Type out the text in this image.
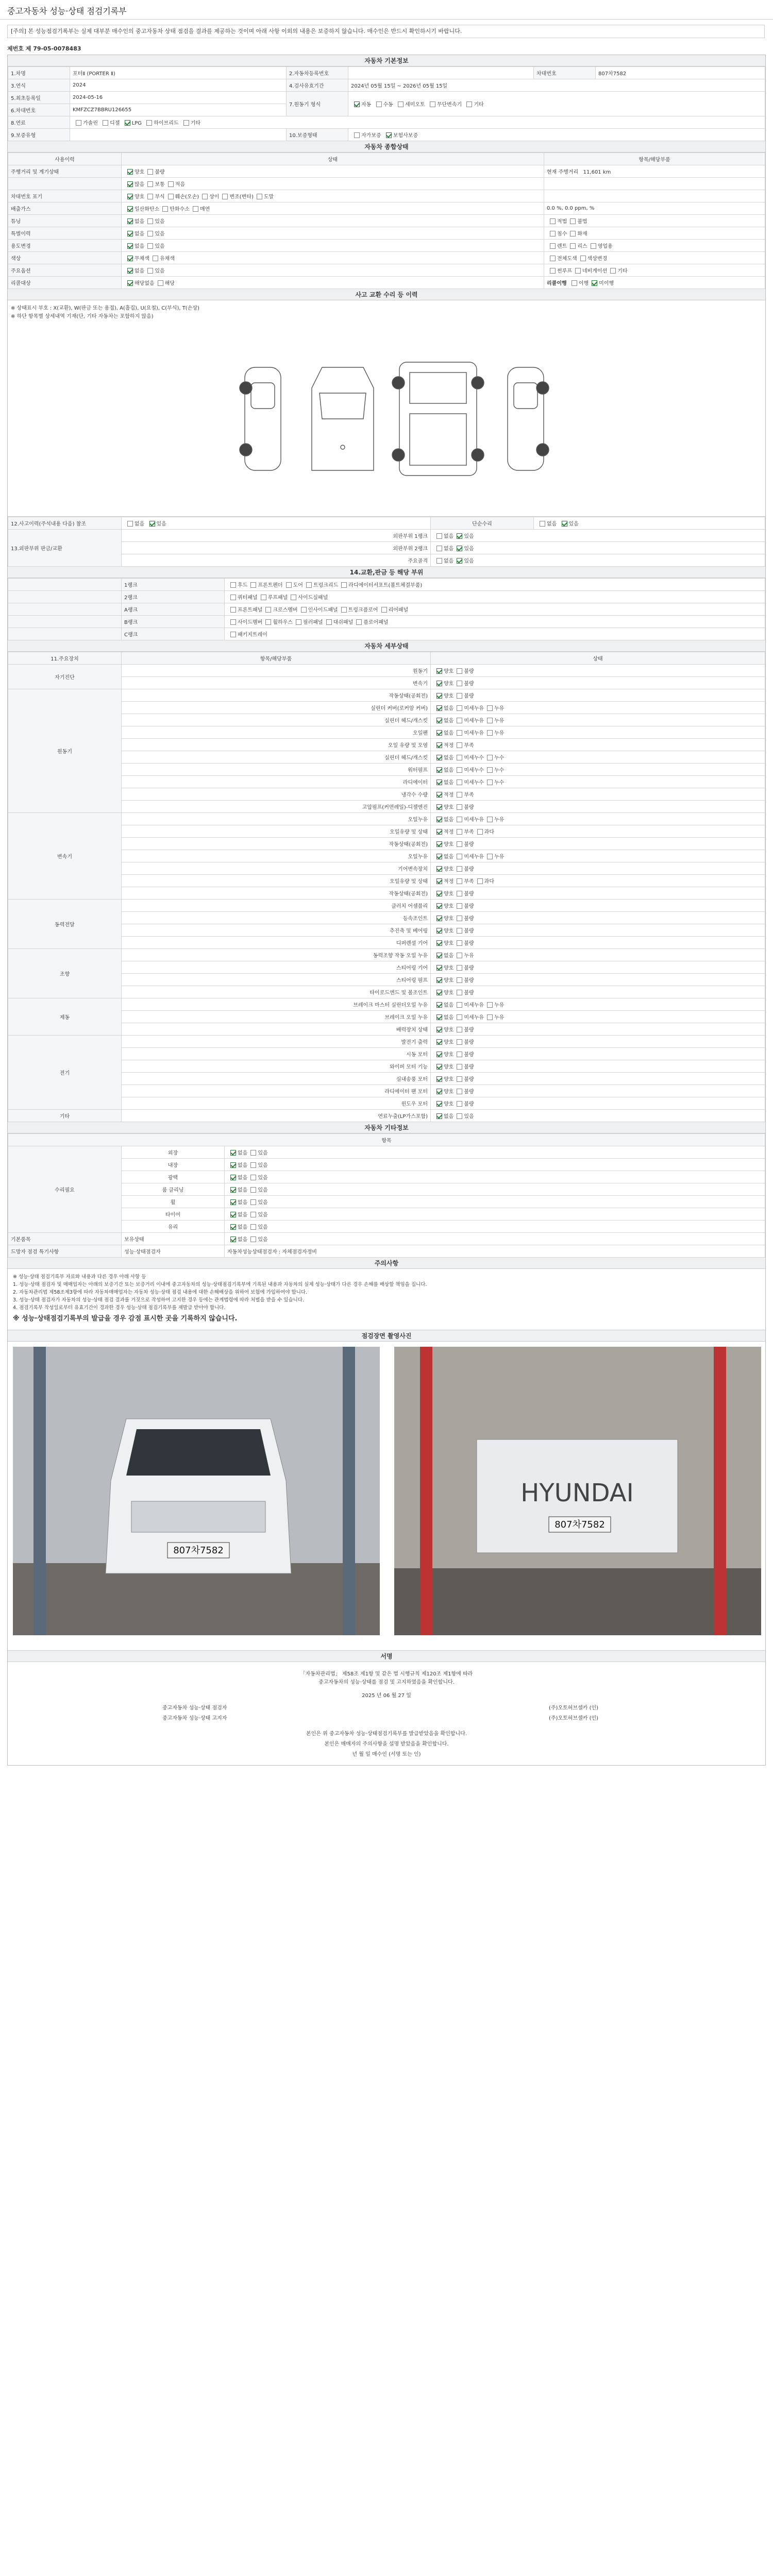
중고자동차 성능·상태 점검기록부
[주의] 본 성능점검기록부는 실제 대부분 매수인의 중고자동차 상태 점검을 결과를 제공하는 것이며 아래 사항 이외의 내용은 보증하지 않습니다. 매수인은 반드시 확인하시기 바랍니다.
제번호 제 79-05-0078483
자동차 기본정보
1.차명	포터Ⅱ (PORTER Ⅱ)	2.자동차등록번호		차대번호	807차7582
3.연식	2024	4.검사유효기간	2024년 05월 15일 ~ 2026년 05월 15일		
5.최초등록일	2024-05-16	7.원동기 형식	자동 수동 세미오토 무단변속기 기타		
6.차대번호	KMFZCZ7BBRU126655				
8.연료	가솔린 디젤 LPG 하이브리드 기타				
9.보증유형		10.보증형태	자가보증 보험사보증		
자동차 종합상태
사용이력	상태	항목/해당부품
주행거리 및 계기상태	양호 불량	현재 주행거리   11,601 km
	많음 보통 적음	
차대번호 표기	양호 부식 훼손(오손) 상이 변조(변타) 도말	
배출가스	일산화탄소 탄화수소 매연	0.0 %, 0.0 ppm, %
튜닝	없음 있음	적법 불법
특별이력	없음 있음	침수 화재
용도변경	없음 있음	렌트 리스 영업용
색상	무채색 유채색	전체도색 색상변경
주요옵션	없음 있음	썬루프 네비게이션 기타
리콜대상	해당없음 해당	리콜이행 이행 미이행
사고 교환 수리 등 이력
※ 상태표시 부호 : X(교환), W(판금 또는 용접), A(흠집), U(요철), C(부식), T(손상)
※ 하단 항목별 상세내역 기재(단, 기타 자동차는 포함하지 않음)
12.사고이력(주석내용 다음) 참조	없음 있음	단순수리	없음 있음
13.외판부위 판금/교환	외판부위 1랭크	없음 있음	
	외판부위 2랭크	없음 있음	
	주요골격	없음 있음	
14.교환,판금 등 해당 부위
	1랭크	후드 프론트펜더 도어 트렁크리드 라디에이터서포트(볼트체결부품)
	2랭크	쿼터패널 루프패널 사이드실패널
	A랭크	프론트패널 크로스멤버 인사이드패널 트렁크플로어 리어패널
	B랭크	사이드멤버 휠하우스 필러패널 대쉬패널 플로어패널
	C랭크	패키지트레이
자동차 세부상태
11.주요장치	항목/해당부품	상태
자기진단	원동기	양호 불량
	변속기	양호 불량
원동기	작동상태(공회전)	양호 불량
	실린더 커버(로커암 커버)	없음 미세누유 누유
	실린더 헤드/개스킷	없음 미세누유 누유
	오일팬	없음 미세누유 누유
	오일 유량 및 오염	적정 부족
	실린더 헤드/개스킷	없음 미세누수 누수
	워터펌프	없음 미세누수 누수
	라디에이터	없음 미세누수 누수
	냉각수 수량	적정 부족
	고압펌프(커먼레일)-디젤엔진	양호 불량
변속기	오일누유	없음 미세누유 누유
	오일유량 및 상태	적정 부족 과다
	작동상태(공회전)	양호 불량
	오일누유	없음 미세누유 누유
	기어변속장치	양호 불량
	오일유량 및 상태	적정 부족 과다
	작동상태(공회전)	양호 불량
동력전달	클러치 어셈블리	양호 불량
	등속조인트	양호 불량
	추진축 및 베어링	양호 불량
	디퍼렌셜 기어	양호 불량
조향	동력조향 작동 오일 누유	없음 누유
	스티어링 기어	양호 불량
	스티어링 펌프	양호 불량
	타이로드엔드 및 볼조인트	양호 불량
제동	브레이크 마스터 실린더오일 누유	없음 미세누유 누유
	브레이크 오일 누유	없음 미세누유 누유
	배력장치 상태	양호 불량
전기	발전기 출력	양호 불량
	시동 모터	양호 불량
	와이퍼 모터 기능	양호 불량
	실내송풍 모터	양호 불량
	라디에이터 팬 모터	양호 불량
	윈도우 모터	양호 불량
기타	연료누출(LP가스포함)	없음 있음
자동차 기타정보
항목		
수리필요	외장	없음 있음
	내장	없음 있음
	광택	없음 있음
	룸 클리닝	없음 있음
	휠	없음 있음
	타이어	없음 있음
	유리	없음 있음
기본품목	보유상태	없음 있음
드망자 점검 특기사항	성능·상태점검자	자동차성능상태점검자 : 자체점검자정비
주의사항
※ 성능·상태 점검기록부 자료와 내용과 다른 경우 아래 사항 등
1. 성능·상태 점검자 및 매매업자는 아래의 보증기간 또는 보증거리 이내에 중고자동차의 성능·상태점검기록부에 기록된 내용과 자동차의 실제 성능·상태가 다른 경우 손해를 배상할 책임을 집니다.
2. 자동차관리법 제58조제3항에 따라 자동차매매업자는 자동차 성능·상태 점검 내용에 대한 손해배상을 위하여 보험에 가입하여야 합니다.
3. 성능·상태 점검자가 자동차의 성능·상태 점검 결과를 거짓으로 작성하여 고지한 경우 등에는 관계법령에 따라 처벌을 받을 수 있습니다.
4. 점검기록부 작성일로부터 유효기간이 경과한 경우 성능·상태 점검기록부를 재발급 받아야 합니다.
※ 성능·상태점검기록부의 발급을 경우 감점 표시한 곳을 기록하지 않습니다.
점검장면 촬영사진
807차7582
HYUNDAI
807차7582
서명
「자동차관리법」 제58조 제1항 및 같은 법 시행규칙 제120조 제1항에 따라
중고자동차의 성능·상태를 점검 및 고지하였음을 확인합니다.
2025 년 06 월 27 일
중고자동차 성능·상태 점검자
중고자동차 성능·상태 고지자
(주)오토허브셀카 (인)
(주)오토허브셀카 (인)
본인은 위 중고자동차 성능·상태점검기록부를 발급받았음을 확인합니다.
본인은 매매자의 주의사항을 설명 받았음을 확인합니다.
년 월 일 매수인 (서명 또는 인)
